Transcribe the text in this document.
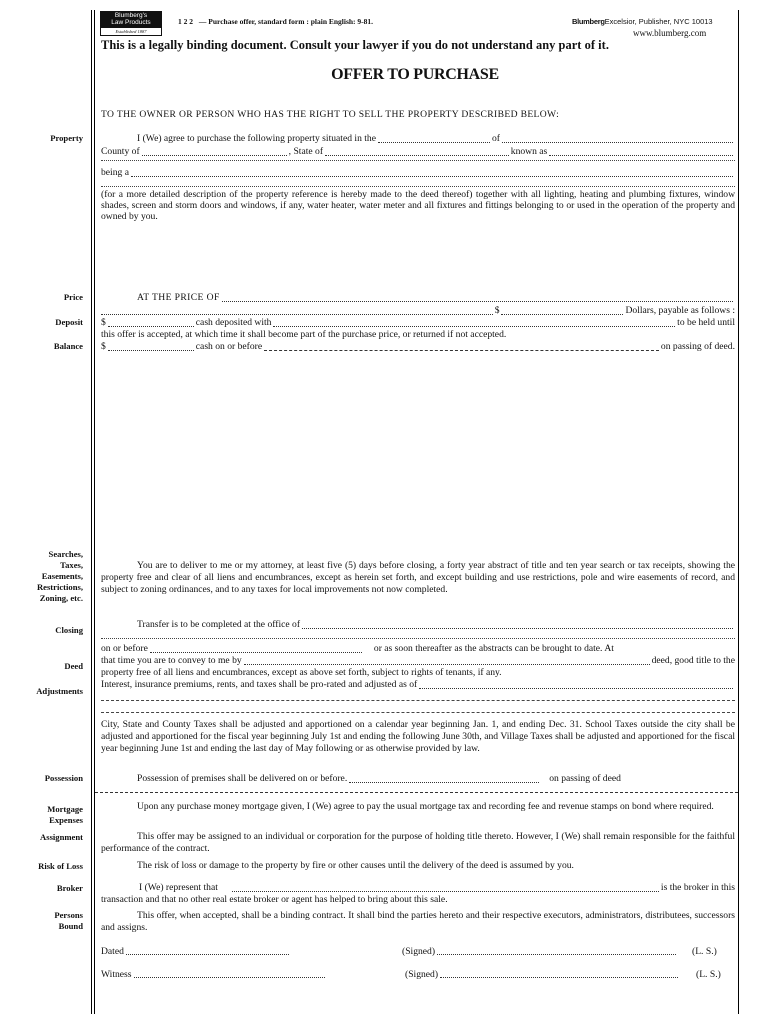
Blumberg's
Law Products
Established 1887
1 2 2 — Purchase offer, standard form : plain English: 9-81.	BlumbergExcelsior, Publisher, NYC 10013
www.blumberg.com
This is a legally binding document. Consult your lawyer if you do not understand any part of it.
OFFER TO PURCHASE
TO THE OWNER OR PERSON WHO HAS THE RIGHT TO SELL THE PROPERTY DESCRIBED BELOW:
Property
Price
Deposit
Balance
Searches,
Taxes,
Easements,
Restrictions,
Zoning, etc.
Closing
Deed
Adjustments
Possession
Mortgage
Expenses
Assignment
Risk of Loss
Broker
Persons
Bound
I (We) agree to purchase the following property situated in the	of
County of	, State of	known as
being a
(for a more detailed description of the property reference is hereby made to the deed thereof) together with all lighting, heating and plumbing fixtures, window shades, screen and storm doors and windows, if any, water heater, water meter and all fixtures and fittings belonging to or used in the operation of the property and owned by you.
AT THE PRICE OF
$	Dollars, payable as follows :
$	cash deposited with	to be held until
this offer is accepted, at which time it shall become part of the purchase price, or returned if not accepted.
$	cash on or before	on passing of deed.
You are to deliver to me or my attorney, at least five (5) days before closing, a forty year abstract of title and ten year search or tax receipts, showing the property free and clear of all liens and encumbrances, except as herein set forth, and except building and use restrictions, pole and wire easements of record, and subject to zoning ordinances, and to any taxes for local improvements not now completed.
Transfer is to be completed at the office of
on or before	or as soon thereafter as the abstracts can be brought to date. At
that time you are to convey to me by	deed, good title to the
property free of all liens and encumbrances, except as above set forth, subject to rights of tenants, if any.
Interest, insurance premiums, rents, and taxes shall be pro-rated and adjusted as of
City, State and County Taxes shall be adjusted and apportioned on a calendar year beginning Jan. 1, and ending Dec. 31. School Taxes outside the city shall be adjusted and apportioned for the fiscal year beginning July 1st and ending the following June 30th, and Village Taxes shall be adjusted and apportioned for the fiscal year beginning June 1st and ending the last day of May following or as otherwise provided by law.
Possession of premises shall be delivered on or before.	on passing of deed
Upon any purchase money mortgage given, I (We) agree to pay the usual mortgage tax and recording fee and revenue stamps on bond where required.
This offer may be assigned to an individual or corporation for the purpose of holding title thereto. However, I (We) shall remain responsible for the faithful performance of the contract.
The risk of loss or damage to the property by fire or other causes until the delivery of the deed is assumed by you.
I (We) represent that	is the broker in this
transaction and that no other real estate broker or agent has helped to bring about this sale.
This offer, when accepted, shall be a binding contract. It shall bind the parties hereto and their respective executors, administrators, distributees, successors and assigns.
Dated	(Signed)	(L. S.)
Witness	(Signed)	(L. S.)
